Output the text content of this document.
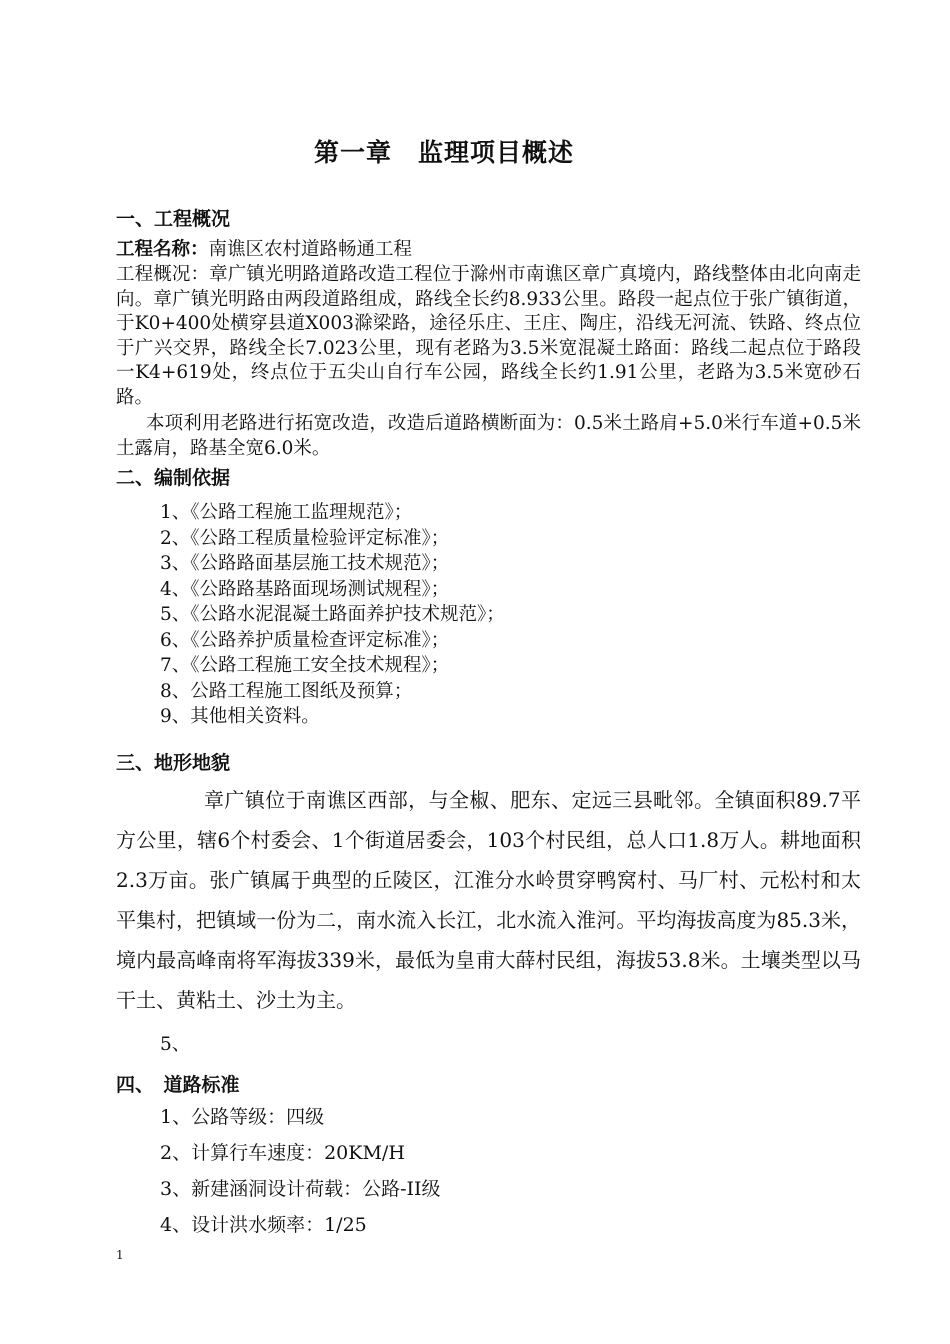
第一章　监理项目概述
一、工程概况

工程名称：南谯区农村道路畅通工程

工程概况：章广镇光明路道路改造工程位于滁州市南谯区章广真境内，路线整体由北向南走向。章广镇光明路由两段道路组成，路线全长约8.933公里。路段一起点位于张广镇街道，于K0+400处横穿县道X003滁梁路，途径乐庄、王庄、陶庄，沿线无河流、铁路、终点位于广兴交界，路线全长7.023公里，现有老路为3.5米宽混凝土路面：路线二起点位于路段一K4+619处，终点位于五尖山自行车公园，路线全长约1.91公里，老路为3.5米宽砂石路。

本项利用老路进行拓宽改造，改造后道路横断面为：0.5米土路肩+5.0米行车道+0.5米土露肩，路基全宽6.0米。

二、编制依据
1、《公路工程施工监理规范》；
2、《公路工程质量检验评定标准》；
3、《公路路面基层施工技术规范》；
4、《公路路基路面现场测试规程》；
5、《公路水泥混凝土路面养护技术规范》；
6、《公路养护质量检查评定标准》；
7、《公路工程施工安全技术规程》；
8、公路工程施工图纸及预算；
9、其他相关资料。
三、地形地貌

章广镇位于南谯区西部，与全椒、肥东、定远三县毗邻。全镇面积89.7平方公里，辖6个村委会、1个街道居委会，103个村民组，总人口1.8万人。耕地面积2.3万亩。张广镇属于典型的丘陵区，江淮分水岭贯穿鸭窝村、马厂村、元松村和太平集村，把镇域一份为二，南水流入长江，北水流入淮河。平均海拔高度为85.3米，境内最高峰南将军海拔339米，最低为皇甫大薛村民组，海拔53.8米。土壤类型以马干土、黄粘土、沙土为主。

5、

四、　道路标准
1、公路等级：四级
2、计算行车速度：20KM/H
3、新建涵洞设计荷载：公路-II级
4、设计洪水频率：1/25
1
